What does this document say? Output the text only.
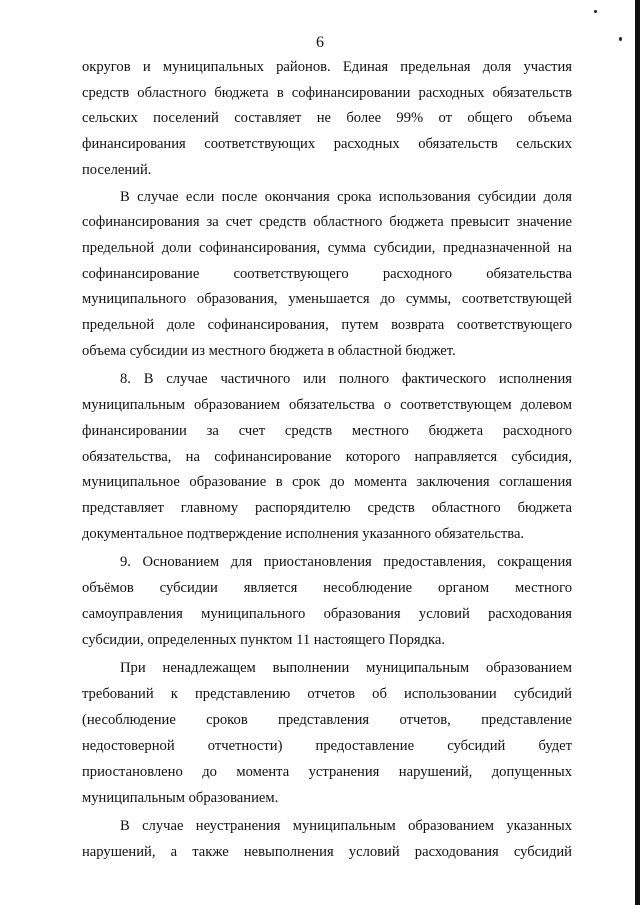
6
округов и муниципальных районов. Единая предельная доля участия
средств областного бюджета в софинансировании расходных обязательств
сельских поселений составляет не более 99% от общего объема
финансирования соответствующих расходных обязательств сельских
поселений.
В случае если после окончания срока использования субсидии доля
софинансирования за счет средств областного бюджета превысит значение
предельной доли софинансирования, сумма субсидии, предназначенной на
софинансирование соответствующего расходного обязательства
муниципального образования, уменьшается до суммы, соответствующей
предельной доле софинансирования, путем возврата соответствующего
объема субсидии из местного бюджета в областной бюджет.
8. В случае частичного или полного фактического исполнения
муниципальным образованием обязательства о соответствующем долевом
финансировании за счет средств местного бюджета расходного
обязательства, на софинансирование которого направляется субсидия,
муниципальное образование в срок до момента заключения соглашения
представляет главному распорядителю средств областного бюджета
документальное подтверждение исполнения указанного обязательства.
9. Основанием для приостановления предоставления, сокращения
объёмов субсидии является несоблюдение органом местного
самоуправления муниципального образования условий расходования
субсидии, определенных пунктом 11 настоящего Порядка.
При ненадлежащем выполнении муниципальным образованием
требований к представлению отчетов об использовании субсидий
(несоблюдение сроков представления отчетов, представление
недостоверной отчетности) предоставление субсидий будет
приостановлено до момента устранения нарушений, допущенных
муниципальным образованием.
В случае неустранения муниципальным образованием указанных
нарушений, а также невыполнения условий расходования субсидий
